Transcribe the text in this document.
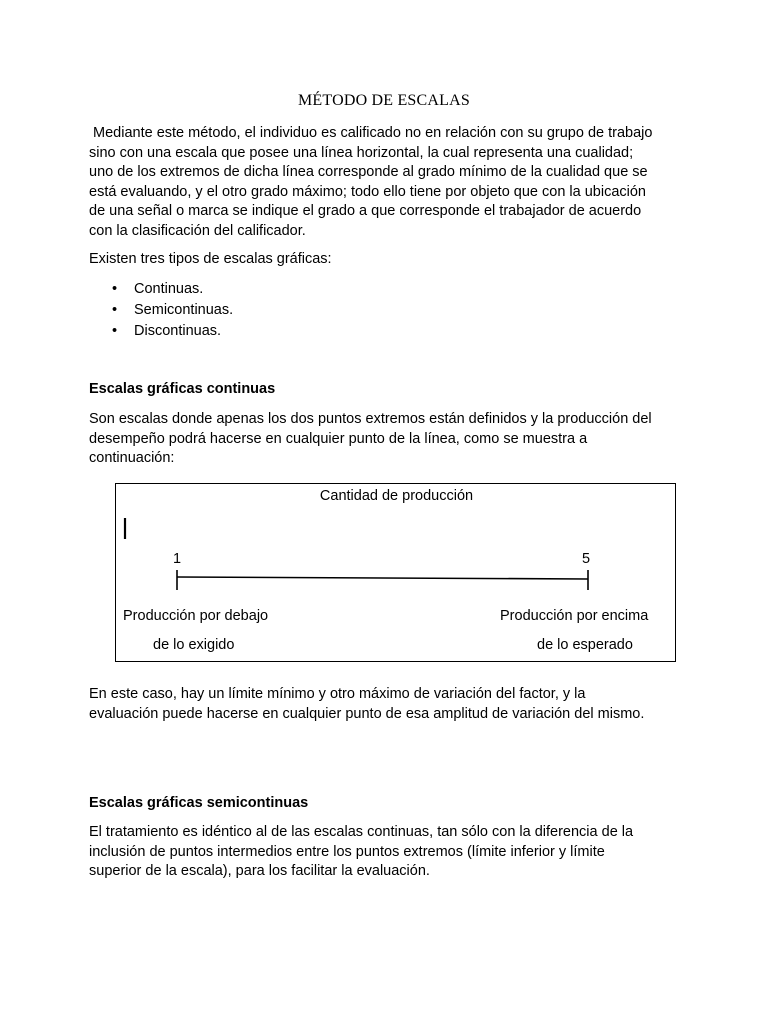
MÉTODO DE ESCALAS
Mediante este método, el individuo es calificado no en relación con su grupo de trabajo
sino con una escala que posee una línea horizontal, la cual representa una cualidad;
uno de los extremos de dicha línea corresponde al grado mínimo de la cualidad que se
está evaluando, y el otro grado máximo; todo ello tiene por objeto que con la ubicación
de una señal o marca se indique el grado a que corresponde el trabajador de acuerdo
con la clasificación del calificador.
Existen tres tipos de escalas gráficas:
• Continuas.
• Semicontinuas.
• Discontinuas.
Escalas gráficas continuas
Son escalas donde apenas los dos puntos extremos están definidos y la producción del
desempeño podrá hacerse en cualquier punto de la línea, como se muestra a
continuación:
Cantidad de producción
1	5
Producción por debajo
de lo exigido
Producción por encima
de lo esperado
En este caso, hay un límite mínimo y otro máximo de variación del factor, y la
evaluación puede hacerse en cualquier punto de esa amplitud de variación del mismo.
Escalas gráficas semicontinuas
El tratamiento es idéntico al de las escalas continuas, tan sólo con la diferencia de la
inclusión de puntos intermedios entre los puntos extremos (límite inferior y límite
superior de la escala), para los facilitar la evaluación.
